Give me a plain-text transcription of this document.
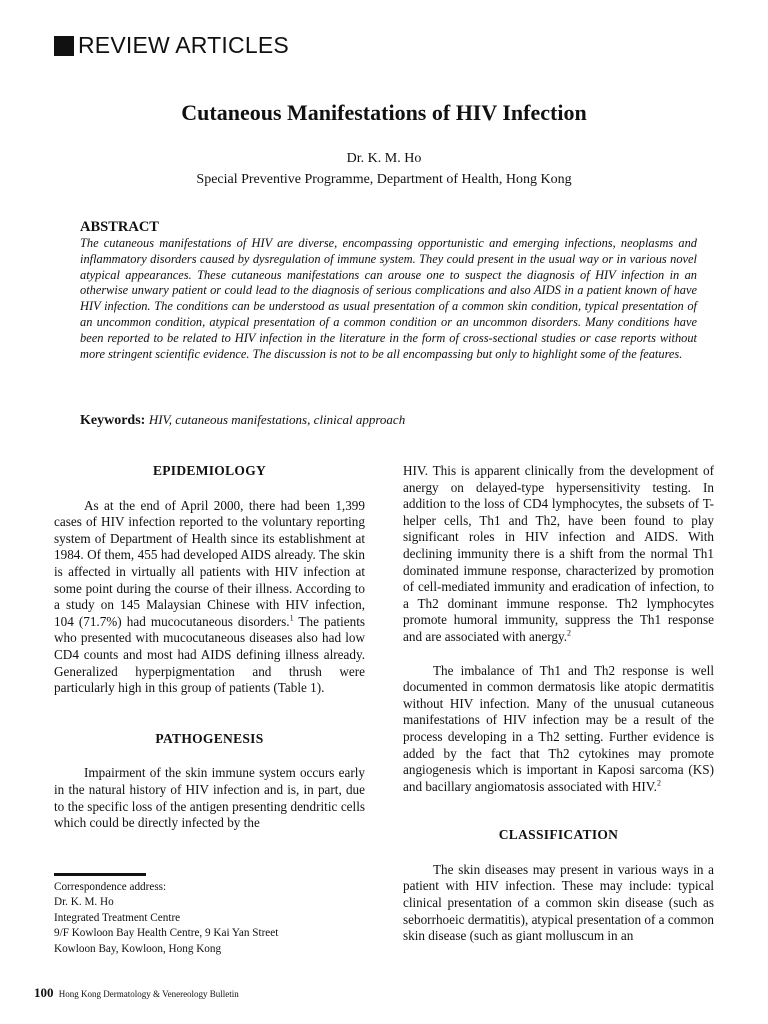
REVIEW ARTICLES
Cutaneous Manifestations of HIV Infection
Dr. K. M. Ho
Special Preventive Programme, Department of Health, Hong Kong
ABSTRACT

The cutaneous manifestations of HIV are diverse, encompassing opportunistic and emerging infections, neoplasms and inflammatory disorders caused by dysregulation of immune system. They could present in the usual way or in various novel atypical appearances. These cutaneous manifestations can arouse one to suspect the diagnosis of HIV infection in an otherwise unwary patient or could lead to the diagnosis of serious complications and also AIDS in a patient known of have HIV infection. The conditions can be understood as usual presentation of a common skin condition, typical presentation of an uncommon condition, atypical presentation of a common condition or an uncommon disorders. Many conditions have been reported to be related to HIV infection in the literature in the form of cross-sectional studies or case reports without more stringent scientific evidence. The discussion is not to be all encompassing but only to highlight some of the features.

Keywords: HIV, cutaneous manifestations, clinical approach
EPIDEMIOLOGY

As at the end of April 2000, there had been 1,399 cases of HIV infection reported to the voluntary reporting system of Department of Health since its establishment at 1984. Of them, 455 had developed AIDS already. The skin is affected in virtually all patients with HIV infection at some point during the course of their illness. According to a study on 145 Malaysian Chinese with HIV infection, 104 (71.7%) had mucocutaneous disorders.$^1$ The patients who presented with mucocutaneous diseases also had low CD4 counts and most had AIDS defining illness already. Generalized hyperpigmentation and thrush were particularly high in this group of patients (Table 1).

PATHOGENESIS

Impairment of the skin immune system occurs early in the natural history of HIV infection and is, in part, due to the specific loss of the antigen presenting dendritic cells which could be directly infected by the

HIV. This is apparent clinically from the development of anergy on delayed-type hypersensitivity testing. In addition to the loss of CD4 lymphocytes, the subsets of T-helper cells, Th1 and Th2, have been found to play significant roles in HIV infection and AIDS. With declining immunity there is a shift from the normal Th1 dominated immune response, characterized by promotion of cell-mediated immunity and eradication of infection, to a Th2 dominant immune response. Th2 lymphocytes promote humoral immunity, suppress the Th1 response and are associated with anergy.$^2$

The imbalance of Th1 and Th2 response is well documented in common dermatosis like atopic dermatitis without HIV infection. Many of the unusual cutaneous manifestations of HIV infection may be a result of the process developing in a Th2 setting. Further evidence is added by the fact that Th2 cytokines may promote angiogenesis which is important in Kaposi sarcoma (KS) and bacillary angiomatosis associated with HIV.$^2$

CLASSIFICATION

The skin diseases may present in various ways in a patient with HIV infection. These may include: typical clinical presentation of a common skin disease (such as seborrhoeic dermatitis), atypical presentation of a common skin disease (such as giant molluscum in an

Correspondence address:
Dr. K. M. Ho
Integrated Treatment Centre
9/F Kowloon Bay Health Centre, 9 Kai Yan Street
Kowloon Bay, Kowloon, Hong Kong
100 Hong Kong Dermatology & Venereology Bulletin
